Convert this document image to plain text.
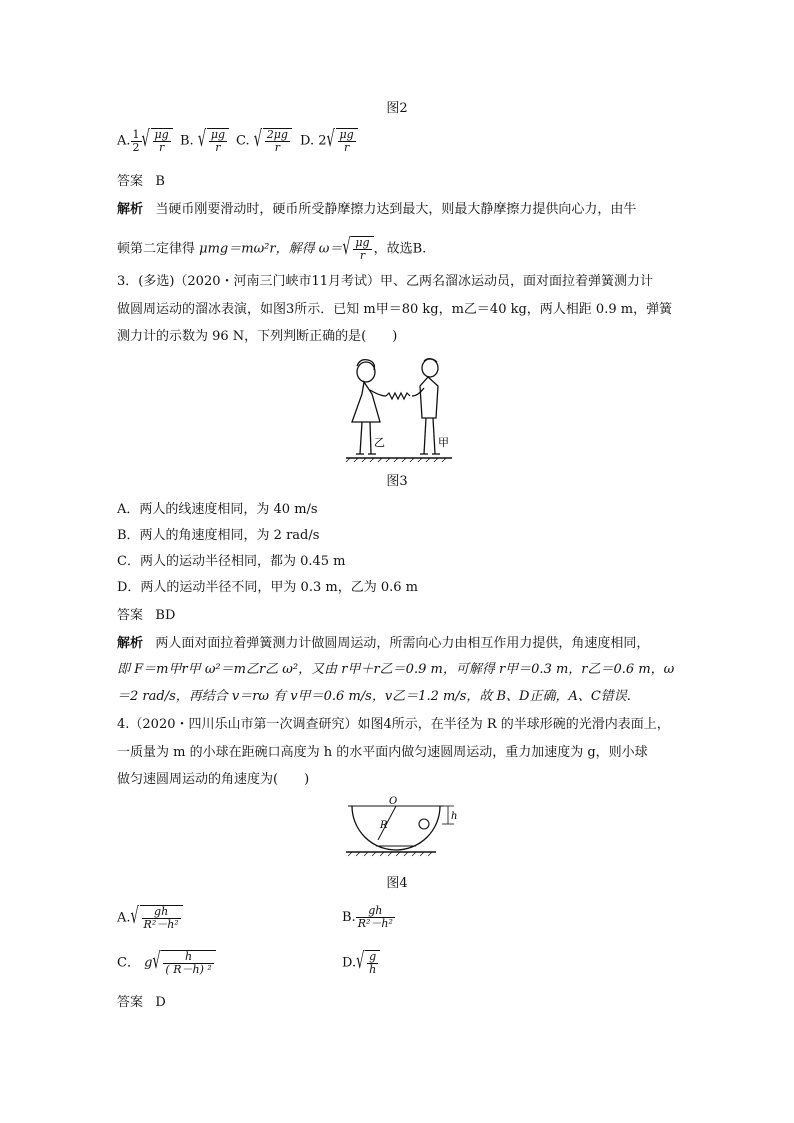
图2
A. $\frac{1}{2}$ √ $\frac{\mu g}{r} B$. √ $\frac{\mu g}{r} C$. √ $\frac{2\mu g}{r} D$. 2 √ $\frac{\mu g}{r}$
答案 B
解析 当硬币刚要滑动时，硬币所受静摩擦力达到最大，则最大静摩擦力提供向心力，由牛
顿第二定律得 μmg＝mω²r，解得 ω＝ √ $\frac{\mu g}{r}$ ，故选B.
3．(多选)（2020・河南三门峡市11月考试）甲、乙两名溜冰运动员，面对面拉着弹簧测力计
做圆周运动的溜冰表演，如图3所示．已知 m甲＝80 kg，m乙＝40 kg，两人相距 0.9 m，弹簧
测力计的示数为 96 N，下列判断正确的是(　　)
乙	甲
图3
A．两人的线速度相同，为 40 m/s
B．两人的角速度相同，为 2 rad/s
C．两人的运动半径相同，都为 0.45 m
D．两人的运动半径不同，甲为 0.3 m，乙为 0.6 m
答案 BD
解析 两人面对面拉着弹簧测力计做圆周运动，所需向心力由相互作用力提供，角速度相同，
即 F＝m甲r甲 ω²＝m乙r乙 ω²，又由 r甲＋r乙＝0.9 m，可解得 r甲＝0.3 m，r乙＝0.6 m，ω
＝2 rad/s，再结合 v＝rω 有 v甲＝0.6 m/s，v乙＝1.2 m/s，故 B、D正确，A、C错误.
4.（2020・四川乐山市第一次调查研究）如图4所示，在半径为 R 的半球形碗的光滑内表面上，
一质量为 m 的小球在距碗口高度为 h 的水平面内做匀速圆周运动，重力加速度为 g，则小球
做匀速圆周运动的角速度为(　　)
O
R
h
图4
A. √ $\frac{gh}{\text{R²－h²}}$	B. $\frac{gh}{\text{R²－h²}}$
C． g √ $\frac{h}{\text{( R－h) ²}}$	D. √ $\frac{g}{h}$
答案 D
